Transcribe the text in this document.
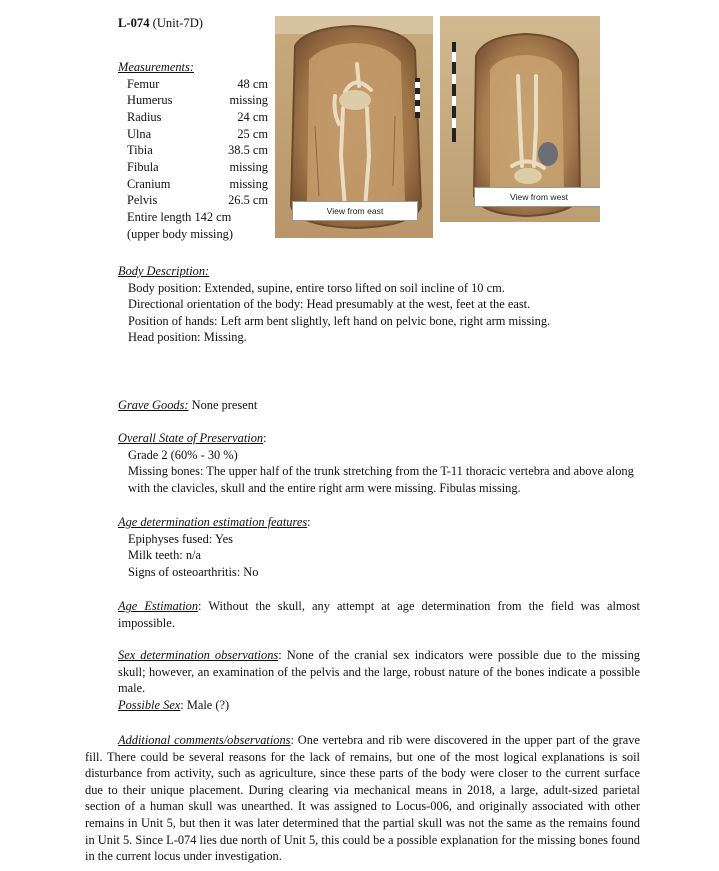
L-074 (Unit-7D)
Measurements:
Femur	48 cm
Humerus	missing
Radius	24 cm
Ulna	25 cm
Tibia	38.5 cm
Fibula	missing
Cranium	missing
Pelvis	26.5 cm
Entire length 142 cm
(upper body missing)
View from east
View from west
Body Description:

Body position: Extended, supine, entire torso lifted on soil incline of 10 cm.

Directional orientation of the body: Head presumably at the west, feet at the east.

Position of hands: Left arm bent slightly, left hand on pelvic bone, right arm missing.

Head position: Missing.

Grave Goods: None present
Overall State of Preservation:

Grade 2 (60% - 30 %)

Missing bones: The upper half of the trunk stretching from the T-11 thoracic vertebra and above along with the clavicles, skull and the entire right arm were missing. Fibulas missing.

Age determination estimation features:

Epiphyses fused: Yes

Milk teeth: n/a

Signs of osteoarthritis: No

Age Estimation: Without the skull, any attempt at age determination from the field was almost impossible.

Sex determination observations: None of the cranial sex indicators were possible due to the missing skull; however, an examination of the pelvis and the large, robust nature of the bones indicate a possible male.

Possible Sex: Male (?)

Additional comments/observations: One vertebra and rib were discovered in the upper part of the grave fill. There could be several reasons for the lack of remains, but one of the most logical explanations is soil disturbance from activity, such as agriculture, since these parts of the body were closer to the current surface due to their unique placement. During clearing via mechanical means in 2018, a large, adult-sized parietal section of a human skull was unearthed. It was assigned to Locus-006, and originally associated with other remains in Unit 5, but then it was later determined that the partial skull was not the same as the remains found in Unit 5. Since L-074 lies due north of Unit 5, this could be a possible explanation for the missing bones found in the current locus under investigation.
